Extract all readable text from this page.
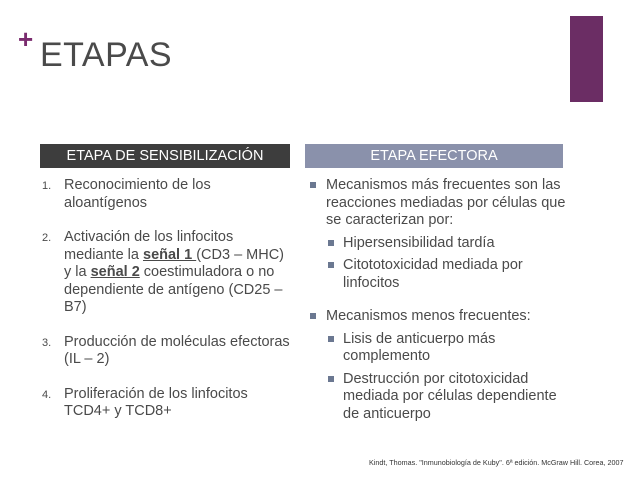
+ ETAPAS
ETAPA DE SENSIBILIZACIÓN	ETAPA EFECTORA
1. Reconocimiento de los aloantígenos
2. Activación de los linfocitos mediante la señal 1 (CD3 – MHC) y la señal 2 coestimuladora o no dependiente de antígeno (CD25 – B7)
3. Producción de moléculas efectoras (IL – 2)
4. Proliferación de los linfocitos TCD4+ y TCD8+
Mecanismos más frecuentes son las reacciones mediadas por células que se caracterizan por:
Hipersensibilidad tardía
Citototoxicidad mediada por linfocitos
Mecanismos menos frecuentes:
Lisis de anticuerpo más complemento
Destrucción por citotoxicidad mediada por células dependiente de anticuerpo
Kindt, Thomas. "Inmunobiología de Kuby". 6ª edición. McGraw Hill. Corea, 2007
